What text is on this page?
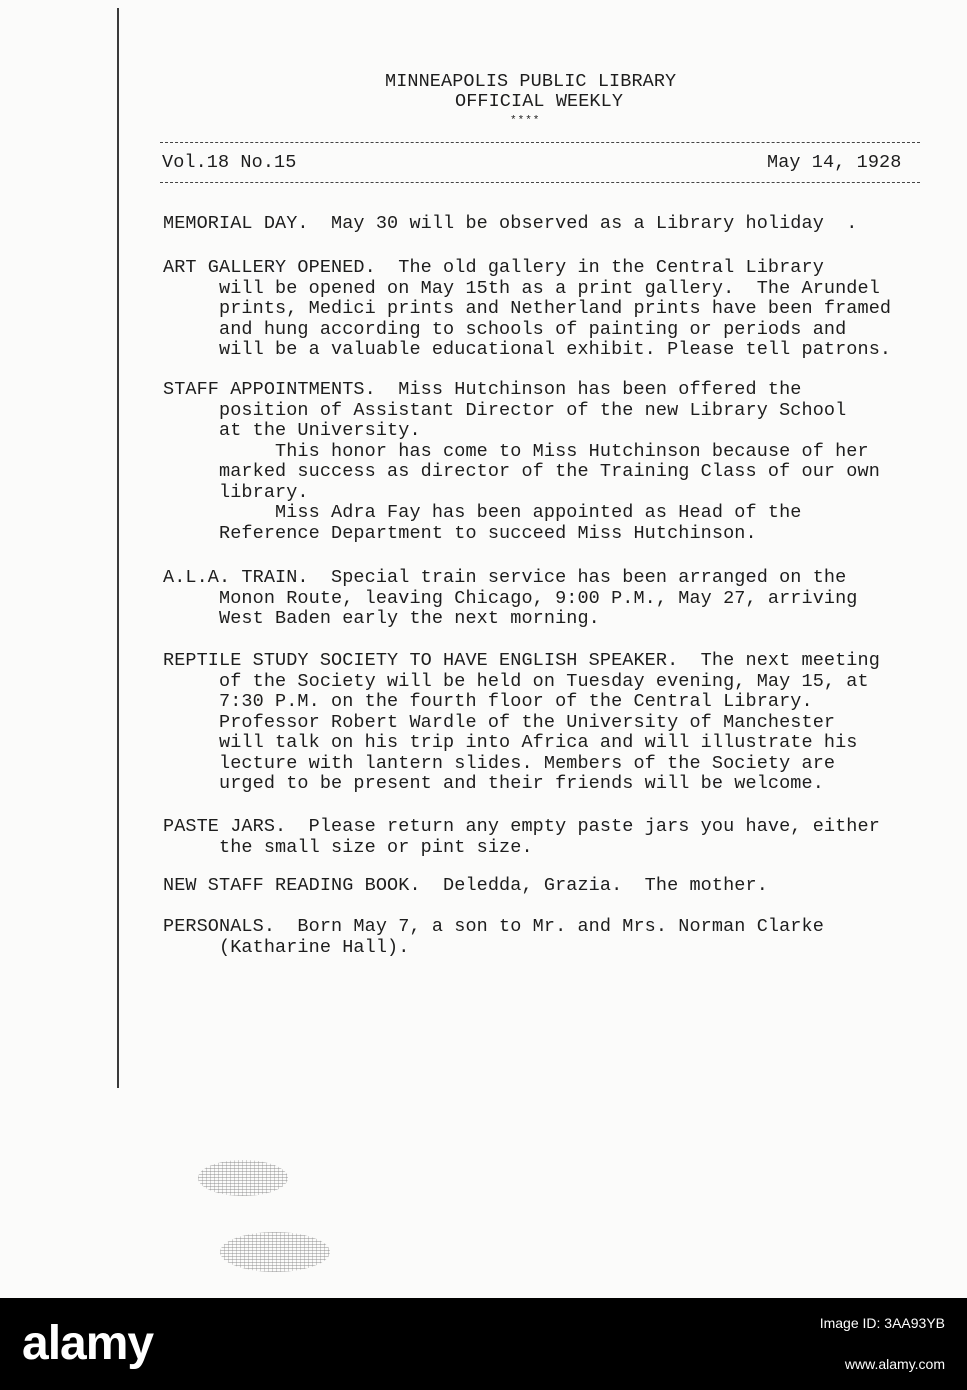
MINNEAPOLIS PUBLIC LIBRARY
OFFICIAL WEEKLY
****
Vol.18 No.15	May 14, 1928
MEMORIAL DAY.  May 30 will be observed as a Library holiday  .
ART GALLERY OPENED.  The old gallery in the Central Library
will be opened on May 15th as a print gallery.  The Arundel
prints, Medici prints and Netherland prints have been framed
and hung according to schools of painting or periods and
will be a valuable educational exhibit. Please tell patrons.
STAFF APPOINTMENTS.  Miss Hutchinson has been offered the
position of Assistant Director of the new Library School
at the University.
This honor has come to Miss Hutchinson because of her
marked success as director of the Training Class of our own
library.
Miss Adra Fay has been appointed as Head of the
Reference Department to succeed Miss Hutchinson.
A.L.A. TRAIN.  Special train service has been arranged on the
Monon Route, leaving Chicago, 9:00 P.M., May 27, arriving
West Baden early the next morning.
REPTILE STUDY SOCIETY TO HAVE ENGLISH SPEAKER.  The next meeting
of the Society will be held on Tuesday evening, May 15, at
7:30 P.M. on the fourth floor of the Central Library.
Professor Robert Wardle of the University of Manchester
will talk on his trip into Africa and will illustrate his
lecture with lantern slides. Members of the Society are
urged to be present and their friends will be welcome.
PASTE JARS.  Please return any empty paste jars you have, either
the small size or pint size.
NEW STAFF READING BOOK.  Deledda, Grazia.  The mother.
PERSONALS.  Born May 7, a son to Mr. and Mrs. Norman Clarke
(Katharine Hall).
alamy	Image ID: 3AA93YB
www.alamy.com
